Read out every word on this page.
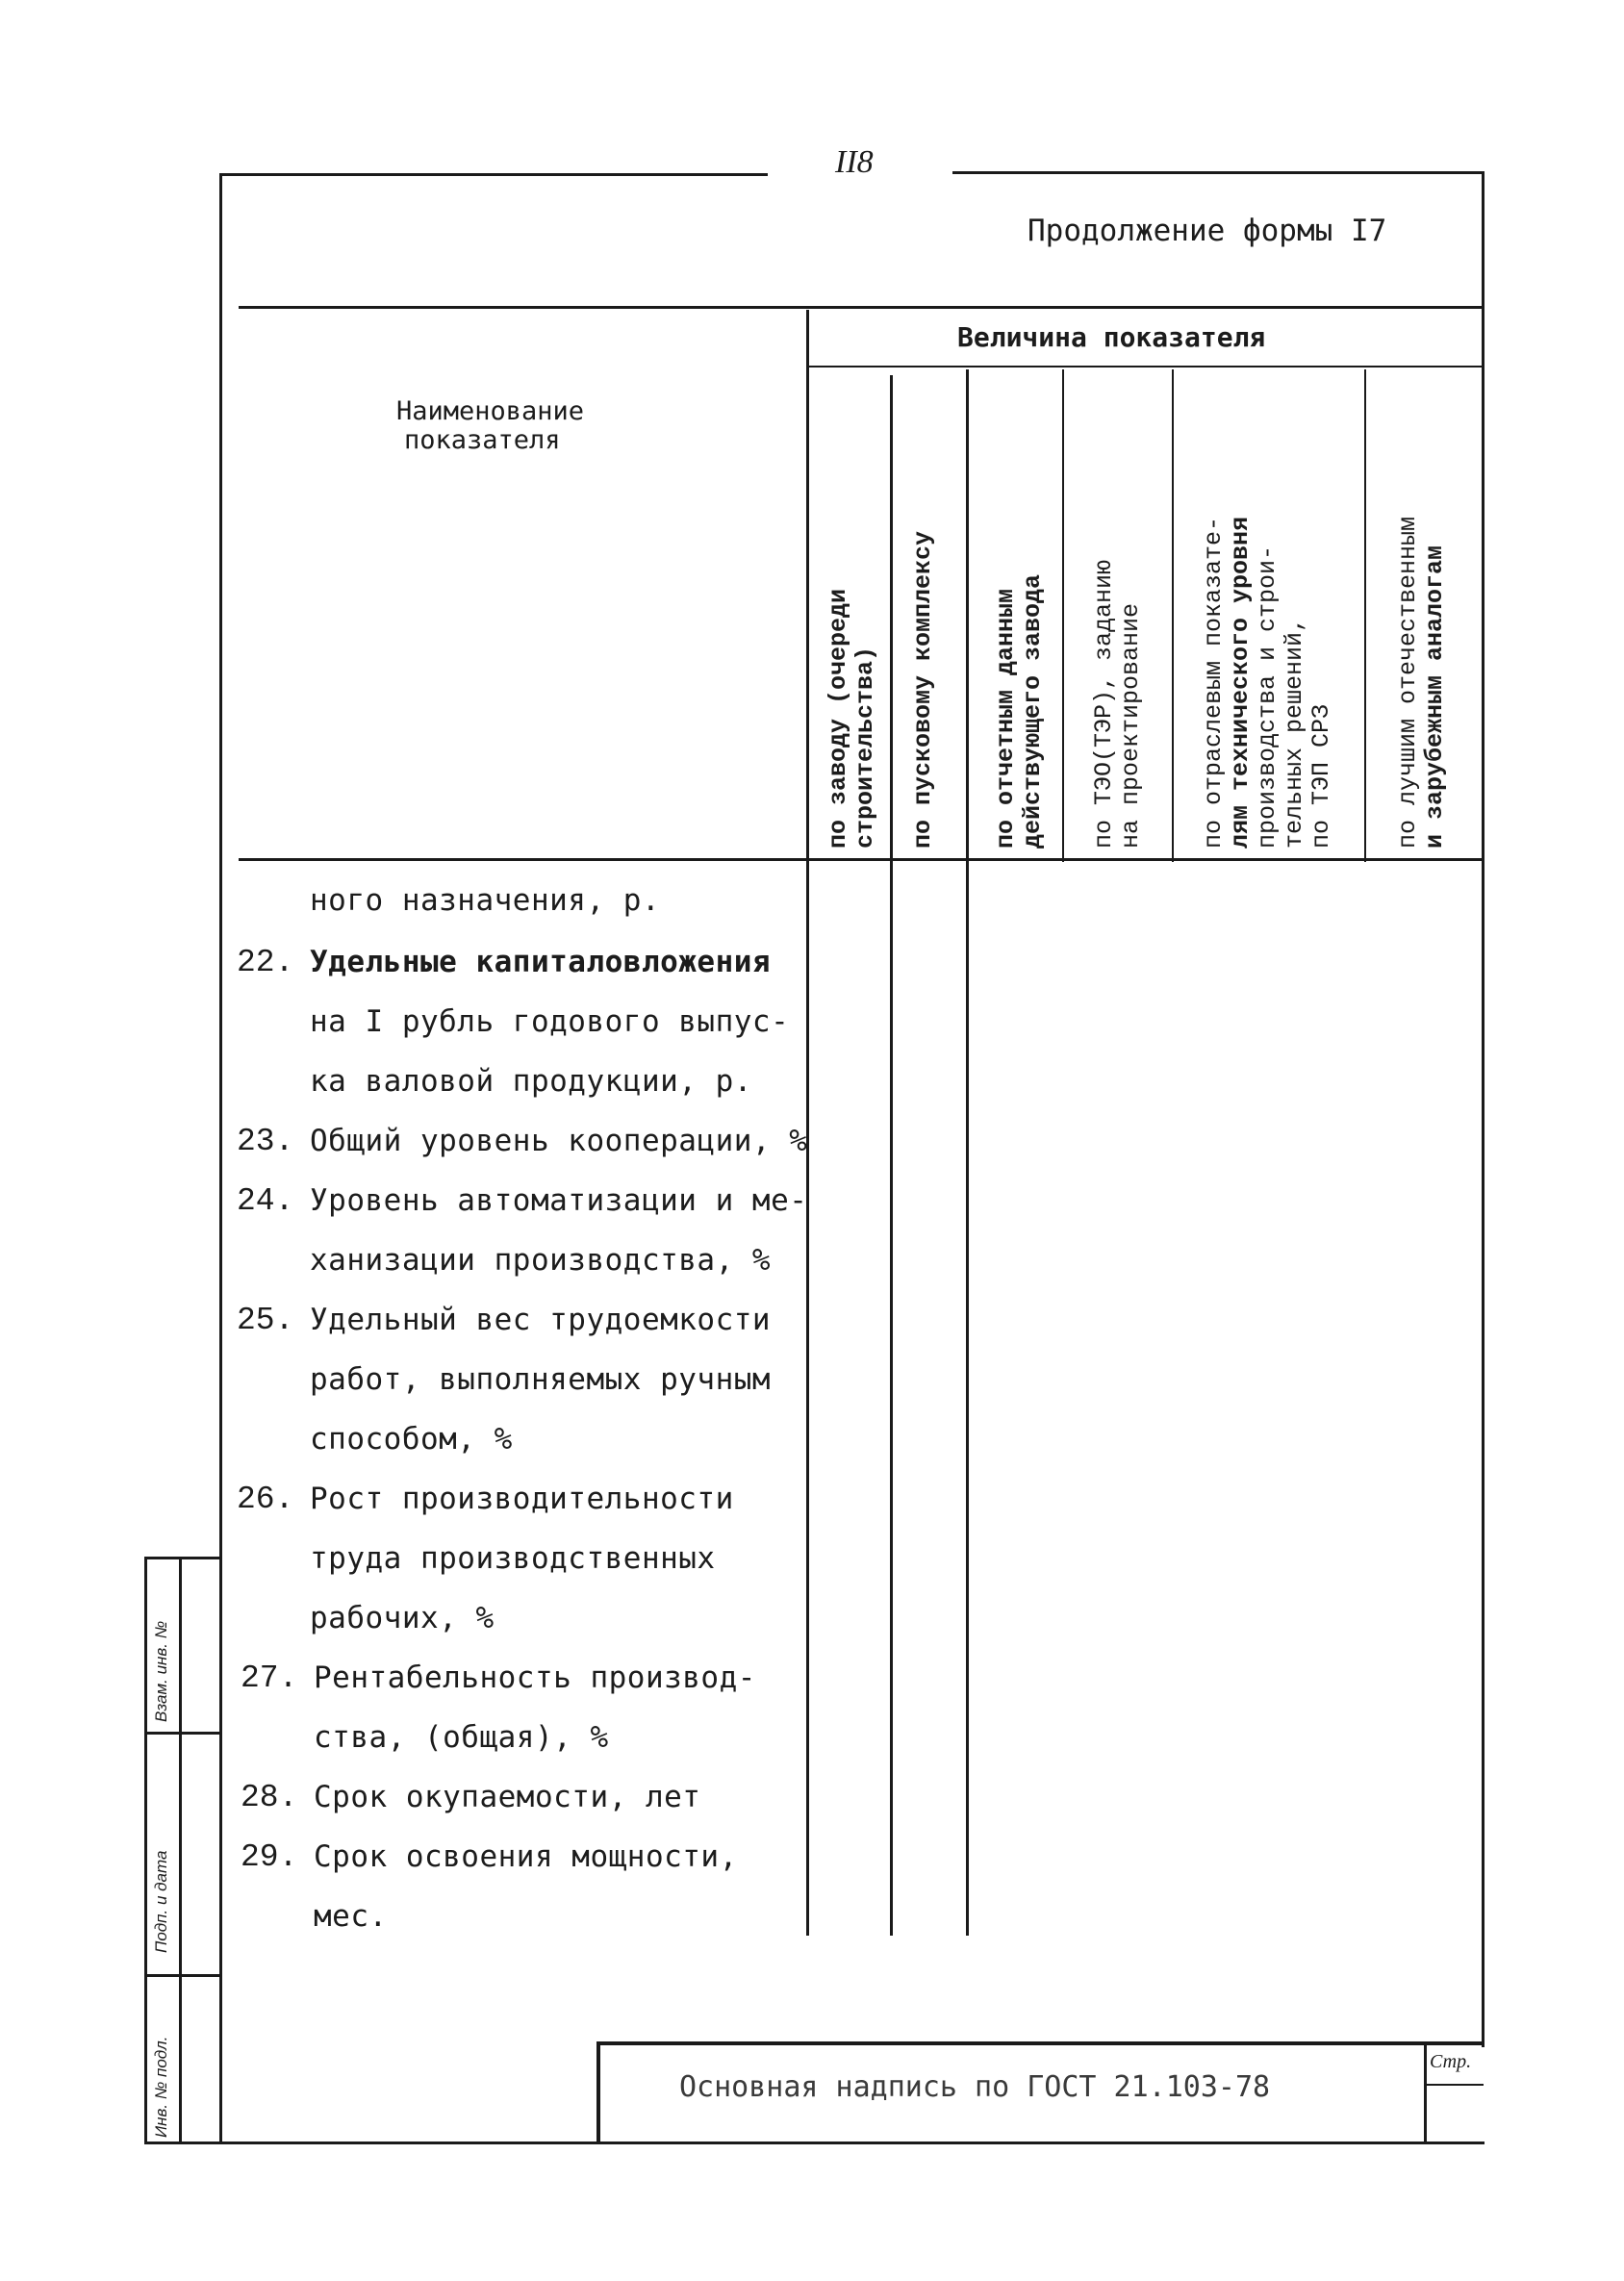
II8
Продолжение формы I7
Наименование
показателя
Величина показателя
по заводу (очереди строительства) по пусковому комплексу по отчетным данным действующего завода по ТЭО(ТЭР), заданию на проектирование по отраслевым показате- лям технического уровня производства и строи- тельных решений, по ТЭП СРЗ по лучшим отечественным и зарубежным аналогам
ного назначения, р.
22. Удельные капиталовложения
на I рубль годового выпус-
ка валовой продукции, р.
23. Общий уровень кооперации, %
24. Уровень автоматизации и ме-
ханизации производства, %
25. Удельный вес трудоемкости
работ, выполняемых ручным
способом, %
26. Рост производительности
труда производственных
рабочих, %
27. Рентабельность производ-
ства, (общая), %
28. Срок окупаемости, лет
29. Срок освоения мощности,
мес.
Основная надпись по ГОСТ 21.103-78
Стр.
Инв. № подл.
Подп. и дата
Взам. инв. №
